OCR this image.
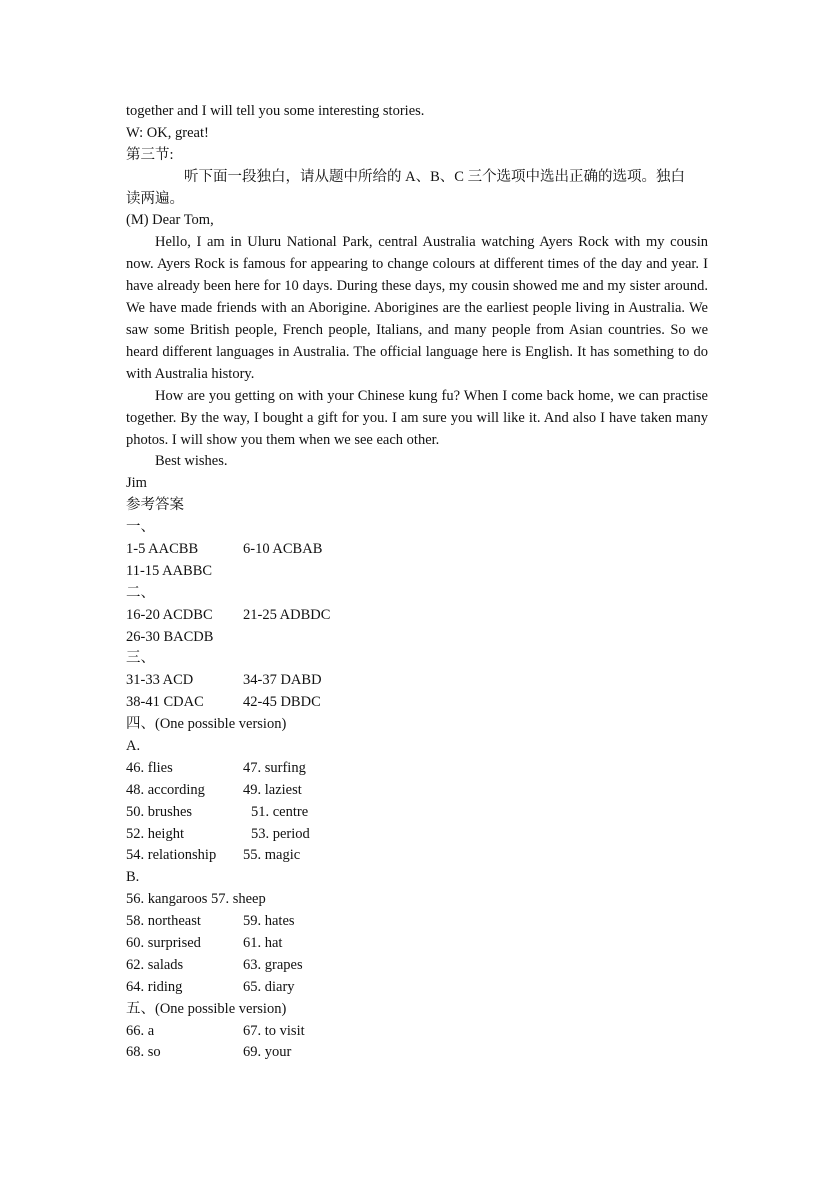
together and I will tell you some interesting stories.
W: OK, great!
第三节:
听下面一段独白，请从题中所给的 A、B、C 三个选项中选出正确的选项。独白
读两遍。
(M) Dear Tom,

Hello, I am in Uluru National Park, central Australia watching Ayers Rock with my cousin now. Ayers Rock is famous for appearing to change colours at different times of the day and year. I have already been here for 10 days. During these days, my cousin showed me and my sister around. We have made friends with an Aborigine. Aborigines are the earliest people living in Australia. We saw some British people, French people, Italians, and many people from Asian countries. So we heard different languages in Australia. The official language here is English. It has something to do with Australia history.

How are you getting on with your Chinese kung fu? When I come back home, we can practise together. By the way, I bought a gift for you. I am sure you will like it. And also I have taken many photos. I will show you them when we see each other.

Best wishes.
Jim
参考答案
一、
1-5 AACBB	6-10 ACBAB
11-15 AABBC
二、
16-20 ACDBC 21-25 ADBDC
26-30 BACDB
三、
31-33 ACD	34-37 DABD
38-41 CDAC	42-45 DBDC
四、(One possible version)
A.
46. flies	47. surfing
48. according	49. laziest
50. brushes	51. centre
52. height	53. period
54. relationship 55. magic
B.
56. kangaroos 57. sheep
58. northeast	59. hates
60. surprised	61. hat
62. salads	63. grapes
64. riding	65. diary
五、(One possible version)
66. a	67. to visit
68. so	69. your
